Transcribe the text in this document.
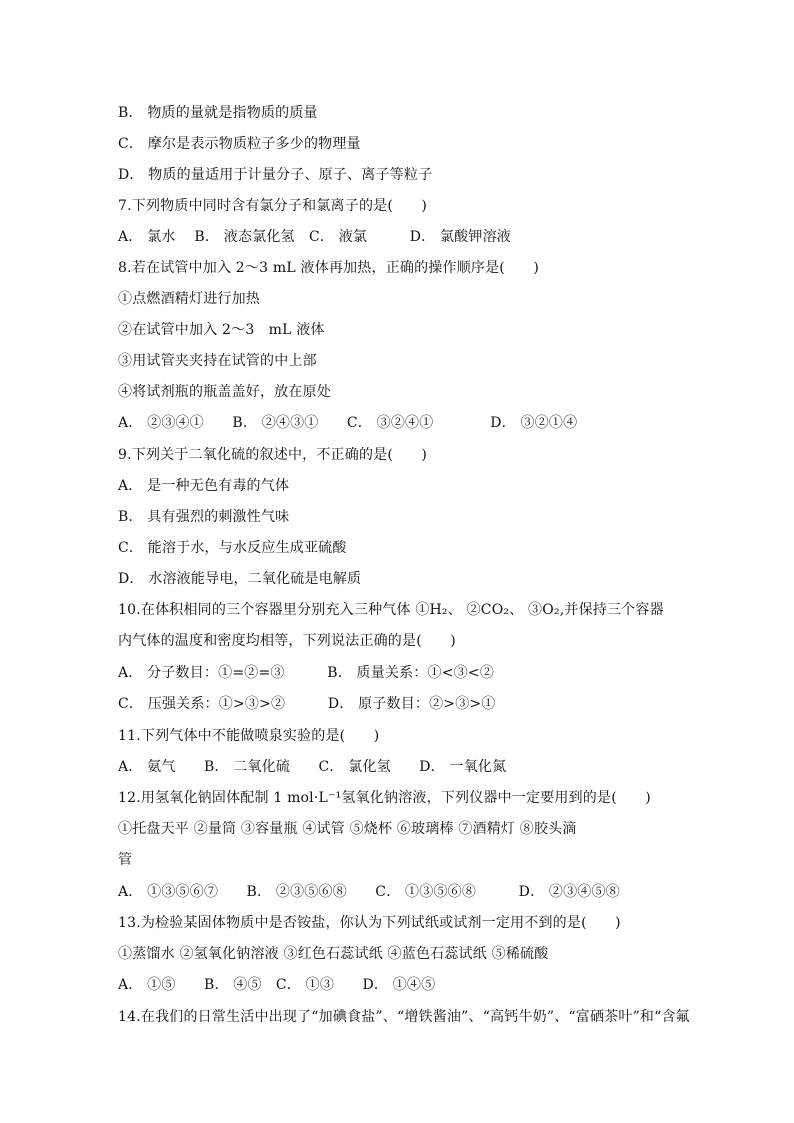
B． 物质的量就是指物质的质量
C． 摩尔是表示物质粒子多少的物理量
D． 物质的量适用于计量分子、原子、离子等粒子
7.下列物质中同时含有氯分子和氯离子的是(　　)
A． 氯水　 B． 液态氯化氢　C． 液氯　　　D． 氯酸钾溶液
8.若在试管中加入 2～3 mL 液体再加热，正确的操作顺序是(　　)
①点燃酒精灯进行加热
②在试管中加入 2～3　mL 液体
③用试管夹夹持在试管的中上部
④将试剂瓶的瓶盖盖好，放在原处
A． ②③④①　　B． ②④③①　　C． ③②④①　　　　D． ③②①④
9.下列关于二氧化硫的叙述中，不正确的是(　　)
A． 是一种无色有毒的气体
B． 具有强烈的刺激性气味
C． 能溶于水，与水反应生成亚硫酸
D． 水溶液能导电，二氧化硫是电解质
10.在体积相同的三个容器里分别充入三种气体 ①H₂、 ②CO₂、 ③O₂,并保持三个容器
内气体的温度和密度均相等，下列说法正确的是(　　)
A． 分子数目：①=②=③　　　B． 质量关系：①<③<②
C． 压强关系：①>③>②　　　D． 原子数目：②>③>①
11.下列气体中不能做喷泉实验的是(　　)
A． 氨气　　B． 二氧化硫　　C． 氯化氢　　D． 一氧化氮
12.用氢氧化钠固体配制 1 mol·L⁻¹氢氧化钠溶液，下列仪器中一定要用到的是(　　)
①托盘天平 ②量筒 ③容量瓶 ④试管 ⑤烧杯 ⑥玻璃棒 ⑦酒精灯 ⑧胶头滴
管
A． ①③⑤⑥⑦　　B． ②③⑤⑥⑧　　C． ①③⑤⑥⑧　　　D． ②③④⑤⑧
13.为检验某固体物质中是否铵盐，你认为下列试纸或试剂一定用不到的是(　　)
①蒸馏水 ②氢氧化钠溶液 ③红色石蕊试纸 ④蓝色石蕊试纸 ⑤稀硫酸
A． ①⑤　　B． ④⑤　C． ①③　　D． ①④⑤
14.在我们的日常生活中出现了“加碘食盐”、“增铁酱油”、“高钙牛奶”、“富硒茶叶”和“含氟
